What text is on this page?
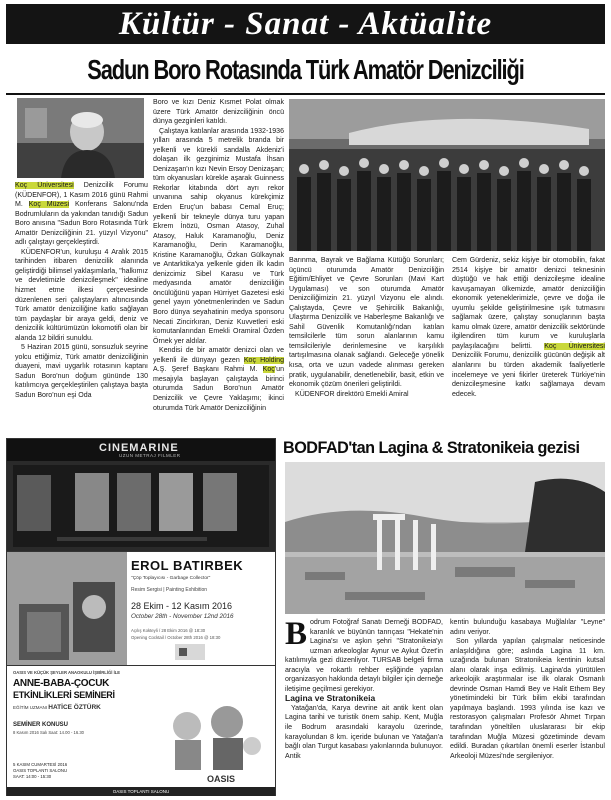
Kültür - Sanat - Aktüalite
Sadun Boro Rotasında Türk Amatör Denizciliği

Koç Üniversitesi Denizcilik Forumu (KÜDENFOR), 1 Kasım 2016 günü Rahmi M. Koç Müzesi Konferans Salonu'nda Bodrumluların da yakından tanıdığı Sadun Boro anısına "Sadun Boro Rotasında Türk Amatör Denizciliğinin 21. yüzyıl Vizyonu" adlı çalıştayı gerçekleştirdi.

KÜDENFOR'un, kuruluşu 4 Aralık 2015 tarihinden itibaren denizcilik alanında geliştirdiği bilimsel yaklaşımlarla, "halkımız ve devletimizle denizcileşmek" idealine hizmet etme ilkesi çerçevesinde düzenlenen seri çalıştayların altıncısında Türk amatör denizciliğine katkı sağlayan tüm paydaşlar bir araya geldi, deniz ve denizcilik kültürümüzün lokomotifi olan bir alanda 12 bildiri sunuldu.

5 Haziran 2015 günü, sonsuzluk seyrine yolcu ettiğimiz, Türk amatör denizciliğinin duayeni, mavi uygarlık rotasının kaptanı Sadun Boro'nun doğum gününde 130 katılımcıya gerçekleştirilen çalıştaya başta Sadun Boro'nun eşi Oda

Boro ve kızı Deniz Kısmet Polat olmak üzere Türk Amatör denizciliğinin öncü dünya gezginleri katıldı.

Çalıştaya katılanlar arasında 1932-1936 yılları arasında 5 metrelik branda bir yelkenli ve kürekli sandalla Akdeniz'i dolaşan ilk gezginimiz Mustafa İhsan Denizaşan'ın kızı Nevin Ersoy Denizaşan; tüm okyanusları kürekle aşarak Guinness Rekorlar kitabında dört ayrı rekor unvanına sahip okyanus kürekçimiz Erden Eruç'un babası Cemal Eruç; yelkenli bir tekneyle dünya turu yapan Ekrem İnözü, Osman Atasoy, Zuhal Atasoy, Haluk Karamanoğlu, Deniz Karamanoğlu, Derin Karamanoğlu, Kristine Karamanoğlu, Özkan Gülkaynak ve Antarktika'ya yelkenle giden ilk kadın denizcimiz Sibel Karasu ve Türk medyasında amatör denizciliğin öncülüğünü yapan Hürriyet Gazetesi eski genel yayın yönetmenlerinden ve Sadun Boro dünya seyahatinin medya sponsoru Necati Zincirkıran, Deniz Kuvvetleri eski komutanlarından Emekli Oramiral Özden Örnek yer aldılar.

Kendisi de bir amatör denizci olan ve yelkenli ile dünyayı gezen Koç Holding A.Ş. Şeref Başkanı Rahmi M. Koç'un mesajıyla başlayan çalıştayda birinci oturumda Sadun Boro'nun Amatör Denizcilik ve Çevre Yaklaşımı; ikinci oturumda Türk Amatör Denizciliğinin

Barınma, Bayrak ve Bağlama Kütüğü Sorunları; üçüncü oturumda Amatör Denizciliğin Eğitim/Ehliyet ve Çevre Sorunları (Mavi Kart Uygulaması) ve son oturumda Amatör Denizciliğimizin 21. yüzyıl Vizyonu ele alındı. Çalıştayda, Çevre ve Şehircilik Bakanlığı, Ulaştırma Denizcilik ve Haberleşme Bakanlığı ve Sahil Güvenlik Komutanlığı'ndan katılan temsilcilerle tüm sorun alanlarının kamu temsilcileriyle derinlemesine ve karşılıklı tartışılmasına olanak sağlandı. Geleceğe yönelik kısa, orta ve uzun vadede alınması gereken pratik, uygulanabilir, denetlenebilir, basit, etkin ve ekonomik çözüm önerileri geliştirildi.

KÜDENFOR direktörü Emekli Amiral

Cem Gürdeniz, sekiz kişiye bir otomobilin, fakat 2514 kişiye bir amatör denizci teknesinin düştüğü ve hak ettiği denizcileşme idealine kavuşamayan ülkemizde, amatör denizciliğin ekonomik yeteneklerimizle, çevre ve doğa ile uyumlu şekilde geliştirilmesine ışık tutmasını sağlamak üzere, çalıştay sonuçlarının başta kamu olmak üzere, amatör denizcilik sektöründe ilgilendiren tüm kurum ve kuruluşlarla paylaşılacağını belirtti. Koç Üniversitesi Denizcilik Forumu, denizcilik gücünün değişik alt alanlarını bu türden akademik faaliyetlerle incelemeye ve yeni fikirler üreterek Türkiye'nin denizcileşmesine katkı sağlamaya devam edecek.

BODFAD'tan Lagina & Stratonikeia gezisi

Bodrum Fotoğraf Sanatı Derneği BODFAD, karanlık ve büyünün tanrıçası "Hekate'nin Lagina'sı ve aşkın şehri "Stratonikeia'yı uzman arkeologlar Aynur ve Aykut Özet'in katılımıyla gezi düzenliyor. TURSAB belgeli firma aracıyla ve rokartlı rehber eşliğinde yapılan organizasyon hakkında detaylı bilgiler için derneğe iletişime geçilmesi gerekiyor.

Lagina ve Stratonikeia

Yatağan'da, Karya devrine ait antik kent olan Lagina tarihi ve turistik önem sahip. Kent, Muğla ile Bodrum arasındaki karayolu üzerinde, karayolundan 8 km. içeride bulunan ve Yatağan'a bağlı olan Turgut kasabası yakınlarında bulunuyor. Antik

kentin bulunduğu kasabaya Muğlalılar "Leyne" adını veriyor.

Son yıllarda yapılan çalışmalar neticesinde anlaşıldığına göre; aslında Lagina 11 km. uzağında bulunan Stratonikeia kentinin kutsal alanı olarak inşa edilmiş. Lagina'da yürütülen arkeolojik araştırmalar ise ilk olarak Osmanlı devrinde Osman Hamdi Bey ve Halit Ethem Bey yönetimindeki bir Türk bilim ekibi tarafından yapılmaya başlandı. 1993 yılında ise kazı ve restorasyon çalışmaları Profesör Ahmet Tırpan tarafından yöneltilen uluslararası bir ekip tarafından Muğla Müzesi gözetiminde devam edildi. Buradan çıkartılan önemli eserler İstanbul Arkeoloji Müzesi'nde sergileniyor.

CINEMARINE
UZUN METRAJ FILMLER
EROL BATIRBEK
"Çöp Toplayıcısı - Garbage Collector"
Resim Sergisi | Painting Exhibition
28 Ekim - 12 Kasım 2016
October 28th - November 12nd 2016
Açılış Kokteyli / 28 Ekim 2016 @ 18:30
Opening Cocktail / October 28th 2016 @ 18:30
OASIS VE KÜÇÜK ŞEYLER ANAOKULU İŞBİRLİĞİ İLE
ANNE-BABA-ÇOCUK
ETKİNLİKLERİ SEMİNERİ
EĞİTİM UZMANI HATİCE ÖZTÜRK
SEMİNER KONUSU
8 Kasım 2016 Salı Saat: 14.00 - 16.30
5 KASIM CUMARTESİ 2016
OASIS TOPLANTI SALONU
SAAT: 14:00 - 15:30	OASIS
OASIS TOPLANTI SALONU
